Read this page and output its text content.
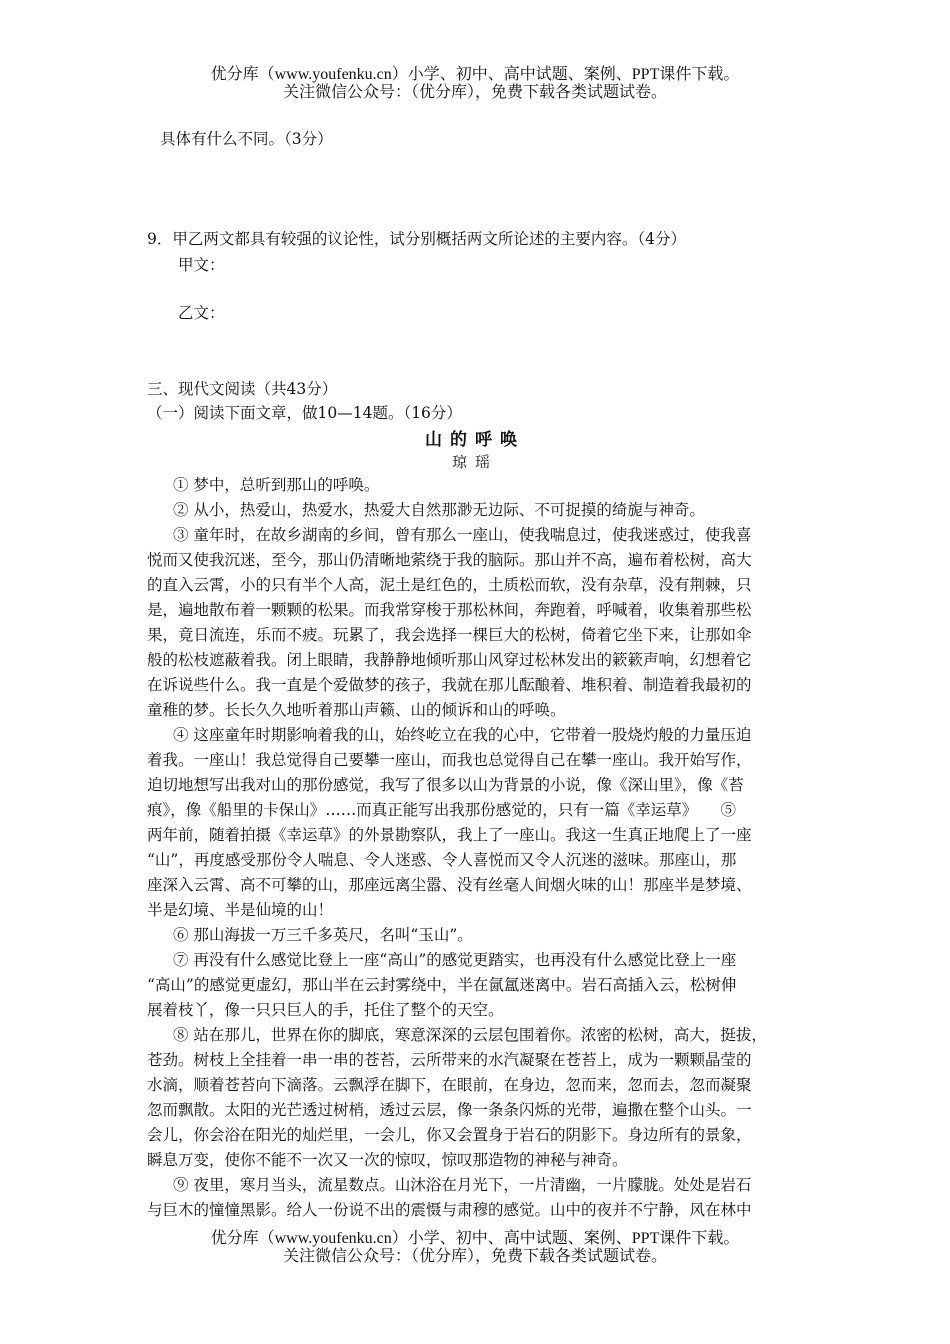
优分库（www.youfenku.cn）小学、初中、高中试题、案例、PPT课件下载。
关注微信公众号：（优分库），免费下载各类试题试卷。
具体有什么不同。（3分）
9．甲乙两文都具有较强的议论性，试分别概括两文所论述的主要内容。（4分）
甲文：
乙文：
三、现代文阅读（共43分）
（一）阅读下面文章，做10—14题。（16分）
山的呼唤
琼瑶
① 梦中，总听到那山的呼唤。
② 从小，热爱山，热爱水，热爱大自然那渺无边际、不可捉摸的绮旎与神奇。
③ 童年时，在故乡湖南的乡间，曾有那么一座山，使我喘息过，使我迷惑过，使我喜
悦而又使我沉迷，至今，那山仍清晰地萦绕于我的脑际。那山并不高，遍布着松树，高大
的直入云霄，小的只有半个人高，泥土是红色的，土质松而软，没有杂草，没有荆棘，只
是，遍地散布着一颗颗的松果。而我常穿梭于那松林间，奔跑着，呼喊着，收集着那些松
果，竟日流连，乐而不疲。玩累了，我会选择一棵巨大的松树，倚着它坐下来，让那如伞
般的松枝遮蔽着我。闭上眼睛，我静静地倾听那山风穿过松林发出的簌簌声响，幻想着它
在诉说些什么。我一直是个爱做梦的孩子，我就在那儿酝酿着、堆积着、制造着我最初的
童稚的梦。长长久久地听着那山声籁、山的倾诉和山的呼唤。
④ 这座童年时期影响着我的山，始终屹立在我的心中，它带着一股烧灼般的力量压迫
着我。一座山！我总觉得自己要攀一座山，而我也总觉得自己在攀一座山。我开始写作，
迫切地想写出我对山的那份感觉，我写了很多以山为背景的小说，像《深山里》，像《苔
痕》，像《船里的卡保山》……而真正能写出我那份感觉的，只有一篇《幸运草》　　⑤
两年前，随着拍摄《幸运草》的外景勘察队，我上了一座山。我这一生真正地爬上了一座
“山”，再度感受那份令人喘息、令人迷惑、令人喜悦而又令人沉迷的滋味。那座山，那
座深入云霄、高不可攀的山，那座远离尘嚣、没有丝毫人间烟火味的山！那座半是梦境、
半是幻境、半是仙境的山！
⑥ 那山海拔一万三千多英尺，名叫“玉山”。
⑦ 再没有什么感觉比登上一座“高山”的感觉更踏实，也再没有什么感觉比登上一座
“高山”的感觉更虚幻，那山半在云封雾绕中，半在氤氲迷离中。岩石高插入云，松树伸
展着枝丫，像一只只巨人的手，托住了整个的天空。
⑧ 站在那儿，世界在你的脚底，寒意深深的云层包围着你。浓密的松树，高大，挺拔，
苍劲。树枝上全挂着一串一串的苍苔，云所带来的水汽凝聚在苍苔上，成为一颗颗晶莹的
水滴，顺着苍苔向下滴落。云飘浮在脚下，在眼前，在身边，忽而来，忽而去，忽而凝聚
忽而飘散。太阳的光芒透过树梢，透过云层，像一条条闪烁的光带，遍撒在整个山头。一
会儿，你会浴在阳光的灿烂里，一会儿，你又会置身于岩石的阴影下。身边所有的景象，
瞬息万变，使你不能不一次又一次的惊叹，惊叹那造物的神秘与神奇。
⑨ 夜里，寒月当头，流星数点。山沐浴在月光下，一片清幽，一片朦胧。处处是岩石
与巨木的憧憧黑影。给人一份说不出的震慑与肃穆的感觉。山中的夜并不宁静，风在林中
优分库（www.youfenku.cn）小学、初中、高中试题、案例、PPT课件下载。
关注微信公众号：（优分库），免费下载各类试题试卷。
